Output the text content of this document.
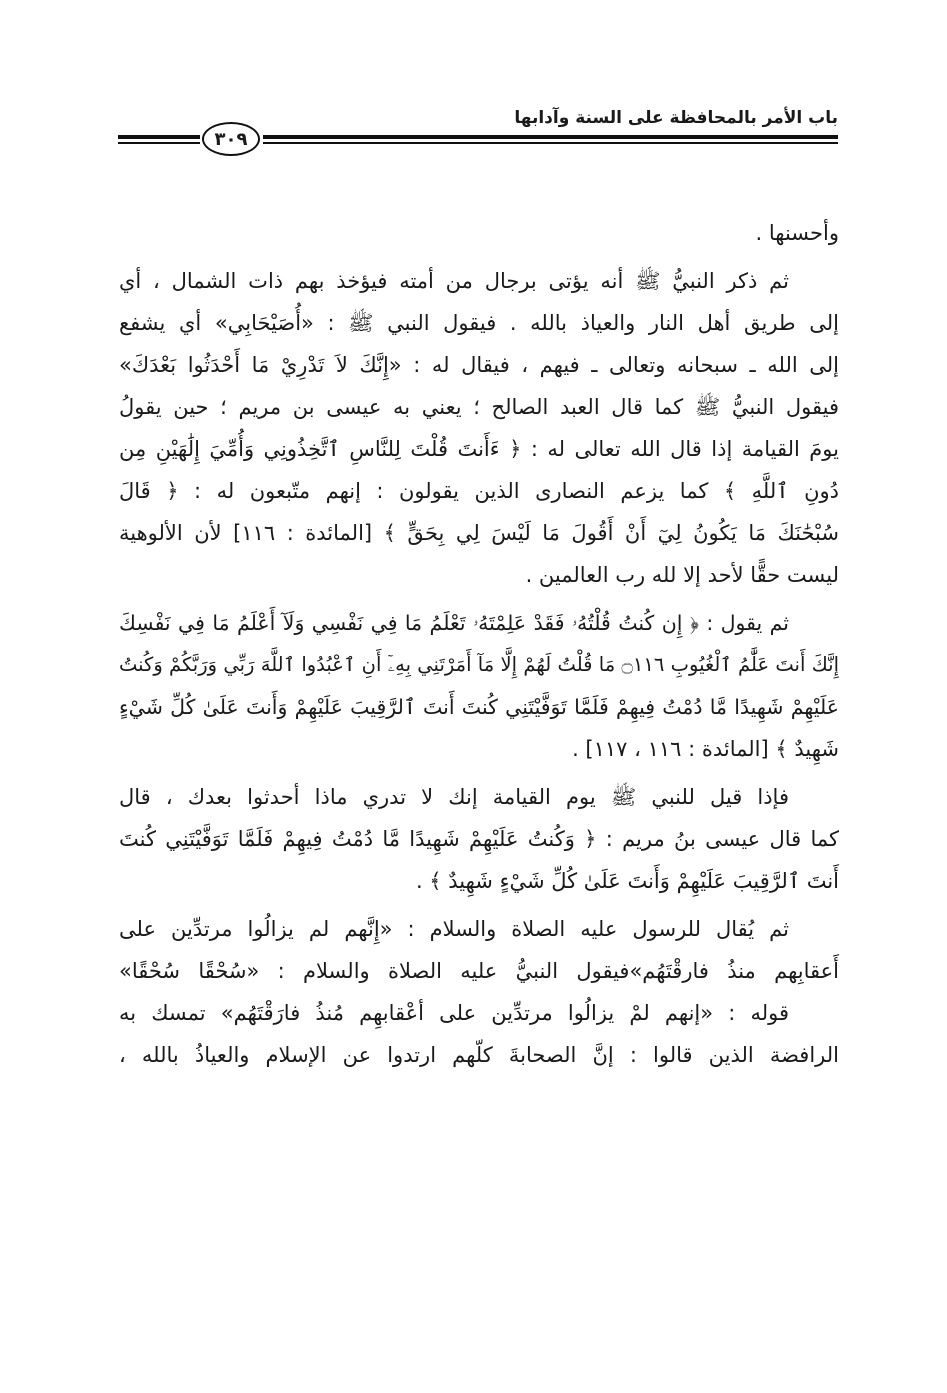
باب الأمر بالمحافظة على السنة وآدابها
٣٠٩
وأحسنها .
ثم ذكر النبيُّ ﷺ أنه يؤتى برجال من أمته فيؤخذ بهم ذات الشمال ، أي
إلى طريق أهل النار والعياذ بالله . فيقول النبي ﷺ : «أُصَيْحَابِي» أي يشفع
إلى الله ـ سبحانه وتعالى ـ فيهم ، فيقال له : «إِنَّكَ لاَ تَدْرِيْ مَا أَحْدَثُوا بَعْدَكَ»
فيقول النبيُّ ﷺ كما قال العبد الصالح ؛ يعني به عيسى بن مريم ؛ حين يقولُ
يومَ القيامة إذا قال الله تعالى له : ﴿ ءَأَنتَ قُلْتَ لِلنَّاسِ ٱتَّخِذُونِي وَأُمِّيَ إِلَٰهَيْنِ مِن
دُونِ ٱللَّهِ ﴾ كما يزعم النصارى الذين يقولون : إنهم متّبعون له : ﴿ قَالَ
سُبْحَٰنَكَ مَا يَكُونُ لِيٓ أَنْ أَقُولَ مَا لَيْسَ لِي بِحَقٍّ ﴾ [المائدة : ١١٦] لأن الألوهية
ليست حقًّا لأحد إلا لله رب العالمين .
ثم يقول : ﴿ إِن كُنتُ قُلْتُهُۥ فَقَدْ عَلِمْتَهُۥ تَعْلَمُ مَا فِي نَفْسِي وَلَآ أَعْلَمُ مَا فِي نَفْسِكَ
إِنَّكَ أَنتَ عَلَّٰمُ ٱلْغُيُوبِ ۝١١٦ مَا قُلْتُ لَهُمْ إِلَّا مَآ أَمَرْتَنِي بِهِۦٓ أَنِ ٱعْبُدُوا ٱللَّهَ رَبِّي وَرَبَّكُمْ وَكُنتُ
عَلَيْهِمْ شَهِيدًا مَّا دُمْتُ فِيهِمْ فَلَمَّا تَوَفَّيْتَنِي كُنتَ أَنتَ ٱلرَّقِيبَ عَلَيْهِمْ وَأَنتَ عَلَىٰ كُلِّ شَيْءٍ
شَهِيدٌ ﴾ [المائدة : ١١٦ ، ١١٧] .
فإذا قيل للنبي ﷺ يوم القيامة إنك لا تدري ماذا أحدثوا بعدك ، قال
كما قال عيسى بنُ مريم : ﴿ وَكُنتُ عَلَيْهِمْ شَهِيدًا مَّا دُمْتُ فِيهِمْ فَلَمَّا تَوَفَّيْتَنِي كُنتَ
أَنتَ ٱلرَّقِيبَ عَلَيْهِمْ وَأَنتَ عَلَىٰ كُلِّ شَيْءٍ شَهِيدٌ ﴾ .
ثم يُقال للرسول عليه الصلاة والسلام : «إِنَّهم لم يزالُوا مرتدِّين على
أَعقابِهم منذُ فارقْتَهُم»فيقول النبيُّ عليه الصلاة والسلام : «سُحْقًا سُحْقًا»
قوله : «إنهم لمْ يزالُوا مرتدِّين على أعْقابهِم مُنذُ فارَقْتَهُم» تمسك به
الرافضة الذين قالوا : إنَّ الصحابةَ كلّهم ارتدوا عن الإسلام والعياذُ بالله ،
